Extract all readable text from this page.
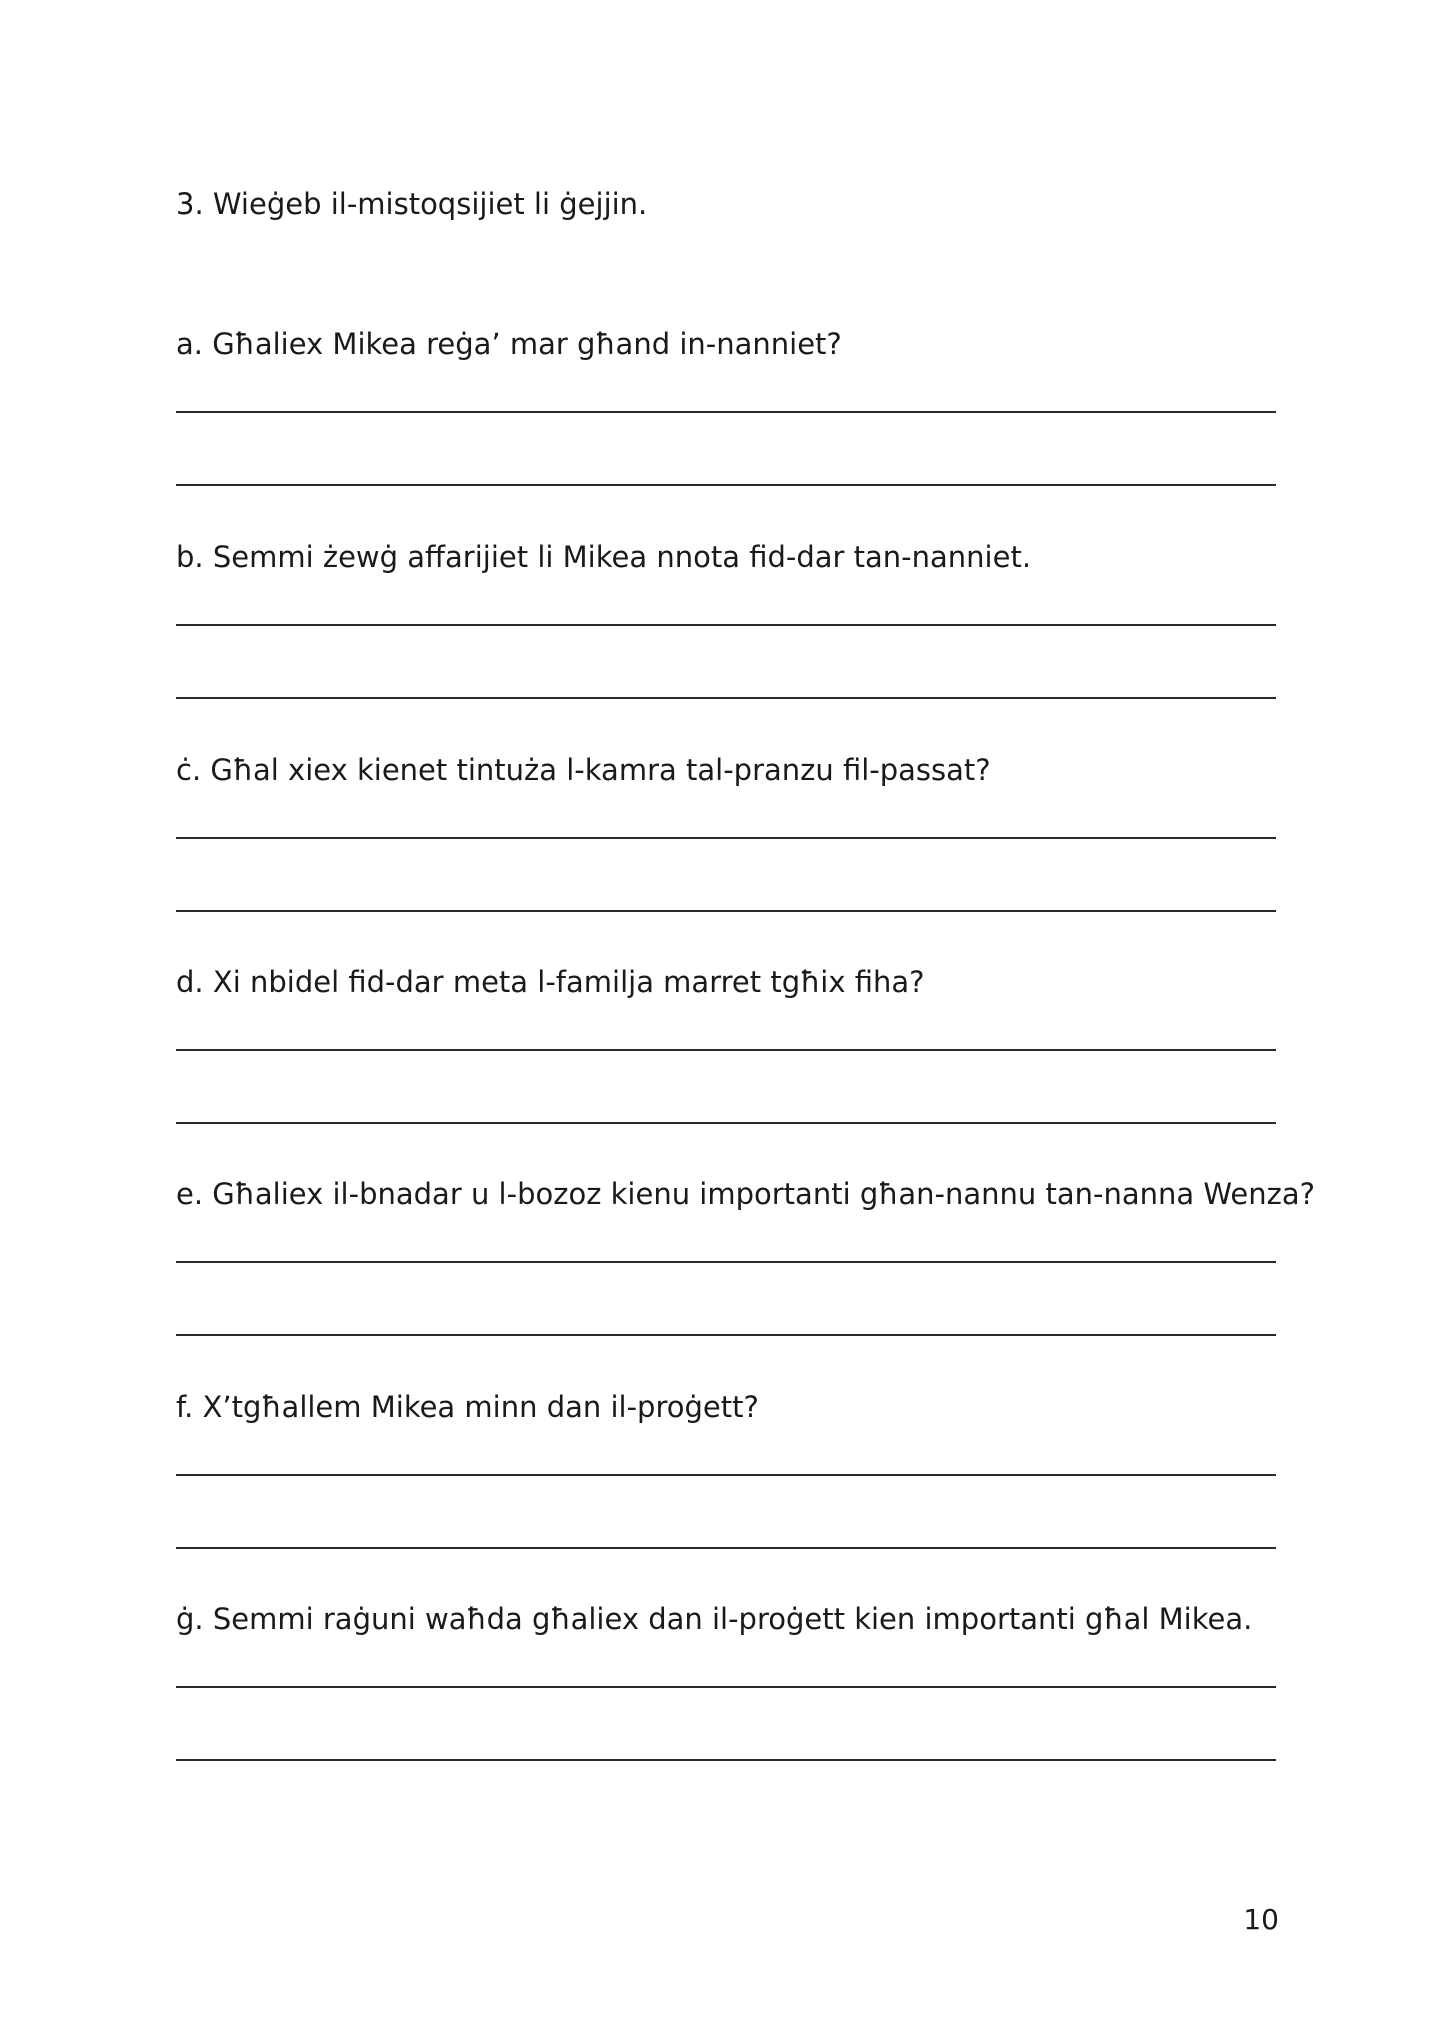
3. Wieġeb il-mistoqsijiet li ġejjin.

a. Għaliex Mikea reġa’ mar għand in-nanniet?

b. Semmi żewġ affarijiet li Mikea nnota fid-dar tan-nanniet.

ċ. Għal xiex kienet tintuża l-kamra tal-pranzu fil-passat?

d. Xi nbidel fid-dar meta l-familja marret tgħix fiha?

e. Għaliex il-bnadar u l-bozoz kienu importanti għan-nannu tan-nanna Wenza?

f. X’tgħallem Mikea minn dan il-proġett?

ġ. Semmi raġuni waħda għaliex dan il-proġett kien importanti għal Mikea.

10
